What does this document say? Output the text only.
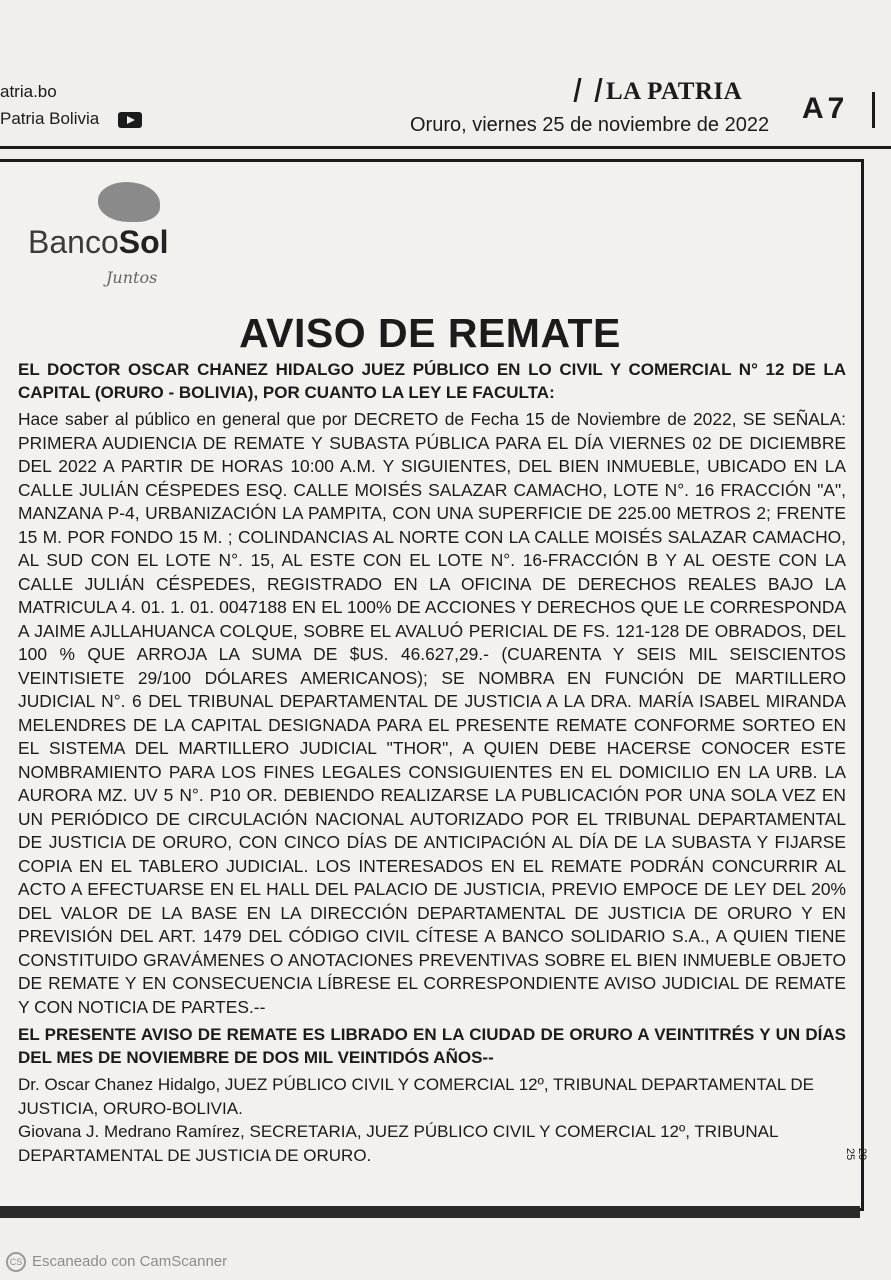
atria.bo
Patria Bolivia
LA PATRIA
Oruro, viernes 25 de noviembre de 2022 A7
BancoSol
Juntos
AVISO DE REMATE

EL DOCTOR OSCAR CHANEZ HIDALGO JUEZ PÚBLICO EN LO CIVIL Y COMERCIAL N° 12 DE LA CAPITAL (ORURO - BOLIVIA), POR CUANTO LA LEY LE FACULTA:

Hace saber al público en general que por DECRETO de Fecha 15 de Noviembre de 2022, SE SEÑALA: PRIMERA AUDIENCIA DE REMATE Y SUBASTA PÚBLICA PARA EL DÍA VIERNES 02 DE DICIEMBRE DEL 2022 A PARTIR DE HORAS 10:00 A.M. Y SIGUIENTES, DEL BIEN INMUEBLE, UBICADO EN LA CALLE JULIÁN CÉSPEDES ESQ. CALLE MOISÉS SALAZAR CAMACHO, LOTE N°. 16 FRACCIÓN "A", MANZANA P-4, URBANIZACIÓN LA PAMPITA, CON UNA SUPERFICIE DE 225.00 METROS 2; FRENTE 15 M. POR FONDO 15 M. ; COLINDANCIAS AL NORTE CON LA CALLE MOISÉS SALAZAR CAMACHO, AL SUD CON EL LOTE N°. 15, AL ESTE CON EL LOTE N°. 16-FRACCIÓN B Y AL OESTE CON LA CALLE JULIÁN CÉSPEDES, REGISTRADO EN LA OFICINA DE DERECHOS REALES BAJO LA MATRICULA 4. 01. 1. 01. 0047188 EN EL 100% DE ACCIONES Y DERECHOS QUE LE CORRESPONDA A JAIME AJLLAHUANCA COLQUE, SOBRE EL AVALUÓ PERICIAL DE FS. 121-128 DE OBRADOS, DEL 100 % QUE ARROJA LA SUMA DE $US. 46.627,29.- (CUARENTA Y SEIS MIL SEISCIENTOS VEINTISIETE 29/100 DÓLARES AMERICANOS); SE NOMBRA EN FUNCIÓN DE MARTILLERO JUDICIAL N°. 6 DEL TRIBUNAL DEPARTAMENTAL DE JUSTICIA A LA DRA. MARÍA ISABEL MIRANDA MELENDRES DE LA CAPITAL DESIGNADA PARA EL PRESENTE REMATE CONFORME SORTEO EN EL SISTEMA DEL MARTILLERO JUDICIAL "THOR", A QUIEN DEBE HACERSE CONOCER ESTE NOMBRAMIENTO PARA LOS FINES LEGALES CONSIGUIENTES EN EL DOMICILIO EN LA URB. LA AURORA MZ. UV 5 N°. P10 OR. DEBIENDO REALIZARSE LA PUBLICACIÓN POR UNA SOLA VEZ EN UN PERIÓDICO DE CIRCULACIÓN NACIONAL AUTORIZADO POR EL TRIBUNAL DEPARTAMENTAL DE JUSTICIA DE ORURO, CON CINCO DÍAS DE ANTICIPACIÓN AL DÍA DE LA SUBASTA Y FIJARSE COPIA EN EL TABLERO JUDICIAL. LOS INTERESADOS EN EL REMATE PODRÁN CONCURRIR AL ACTO A EFECTUARSE EN EL HALL DEL PALACIO DE JUSTICIA, PREVIO EMPOCE DE LEY DEL 20% DEL VALOR DE LA BASE EN LA DIRECCIÓN DEPARTAMENTAL DE JUSTICIA DE ORURO Y EN PREVISIÓN DEL ART. 1479 DEL CÓDIGO CIVIL CÍTESE A BANCO SOLIDARIO S.A., A QUIEN TIENE CONSTITUIDO GRAVÁMENES O ANOTACIONES PREVENTIVAS SOBRE EL BIEN INMUEBLE OBJETO DE REMATE Y EN CONSECUENCIA LÍBRESE EL CORRESPONDIENTE AVISO JUDICIAL DE REMATE Y CON NOTICIA DE PARTES.--

EL PRESENTE AVISO DE REMATE ES LIBRADO EN LA CIUDAD DE ORURO A VEINTITRÉS Y UN DÍAS DEL MES DE NOVIEMBRE DE DOS MIL VEINTIDÓS AÑOS--

Dr. Oscar Chanez Hidalgo, JUEZ PÚBLICO CIVIL Y COMERCIAL 12º, TRIBUNAL DEPARTAMENTAL DE JUSTICIA, ORURO-BOLIVIA.

Giovana J. Medrano Ramírez, SECRETARIA, JUEZ PÚBLICO CIVIL Y COMERCIAL 12º, TRIBUNAL DEPARTAMENTAL DE JUSTICIA DE ORURO.	29-25
CS Escaneado con CamScanner
